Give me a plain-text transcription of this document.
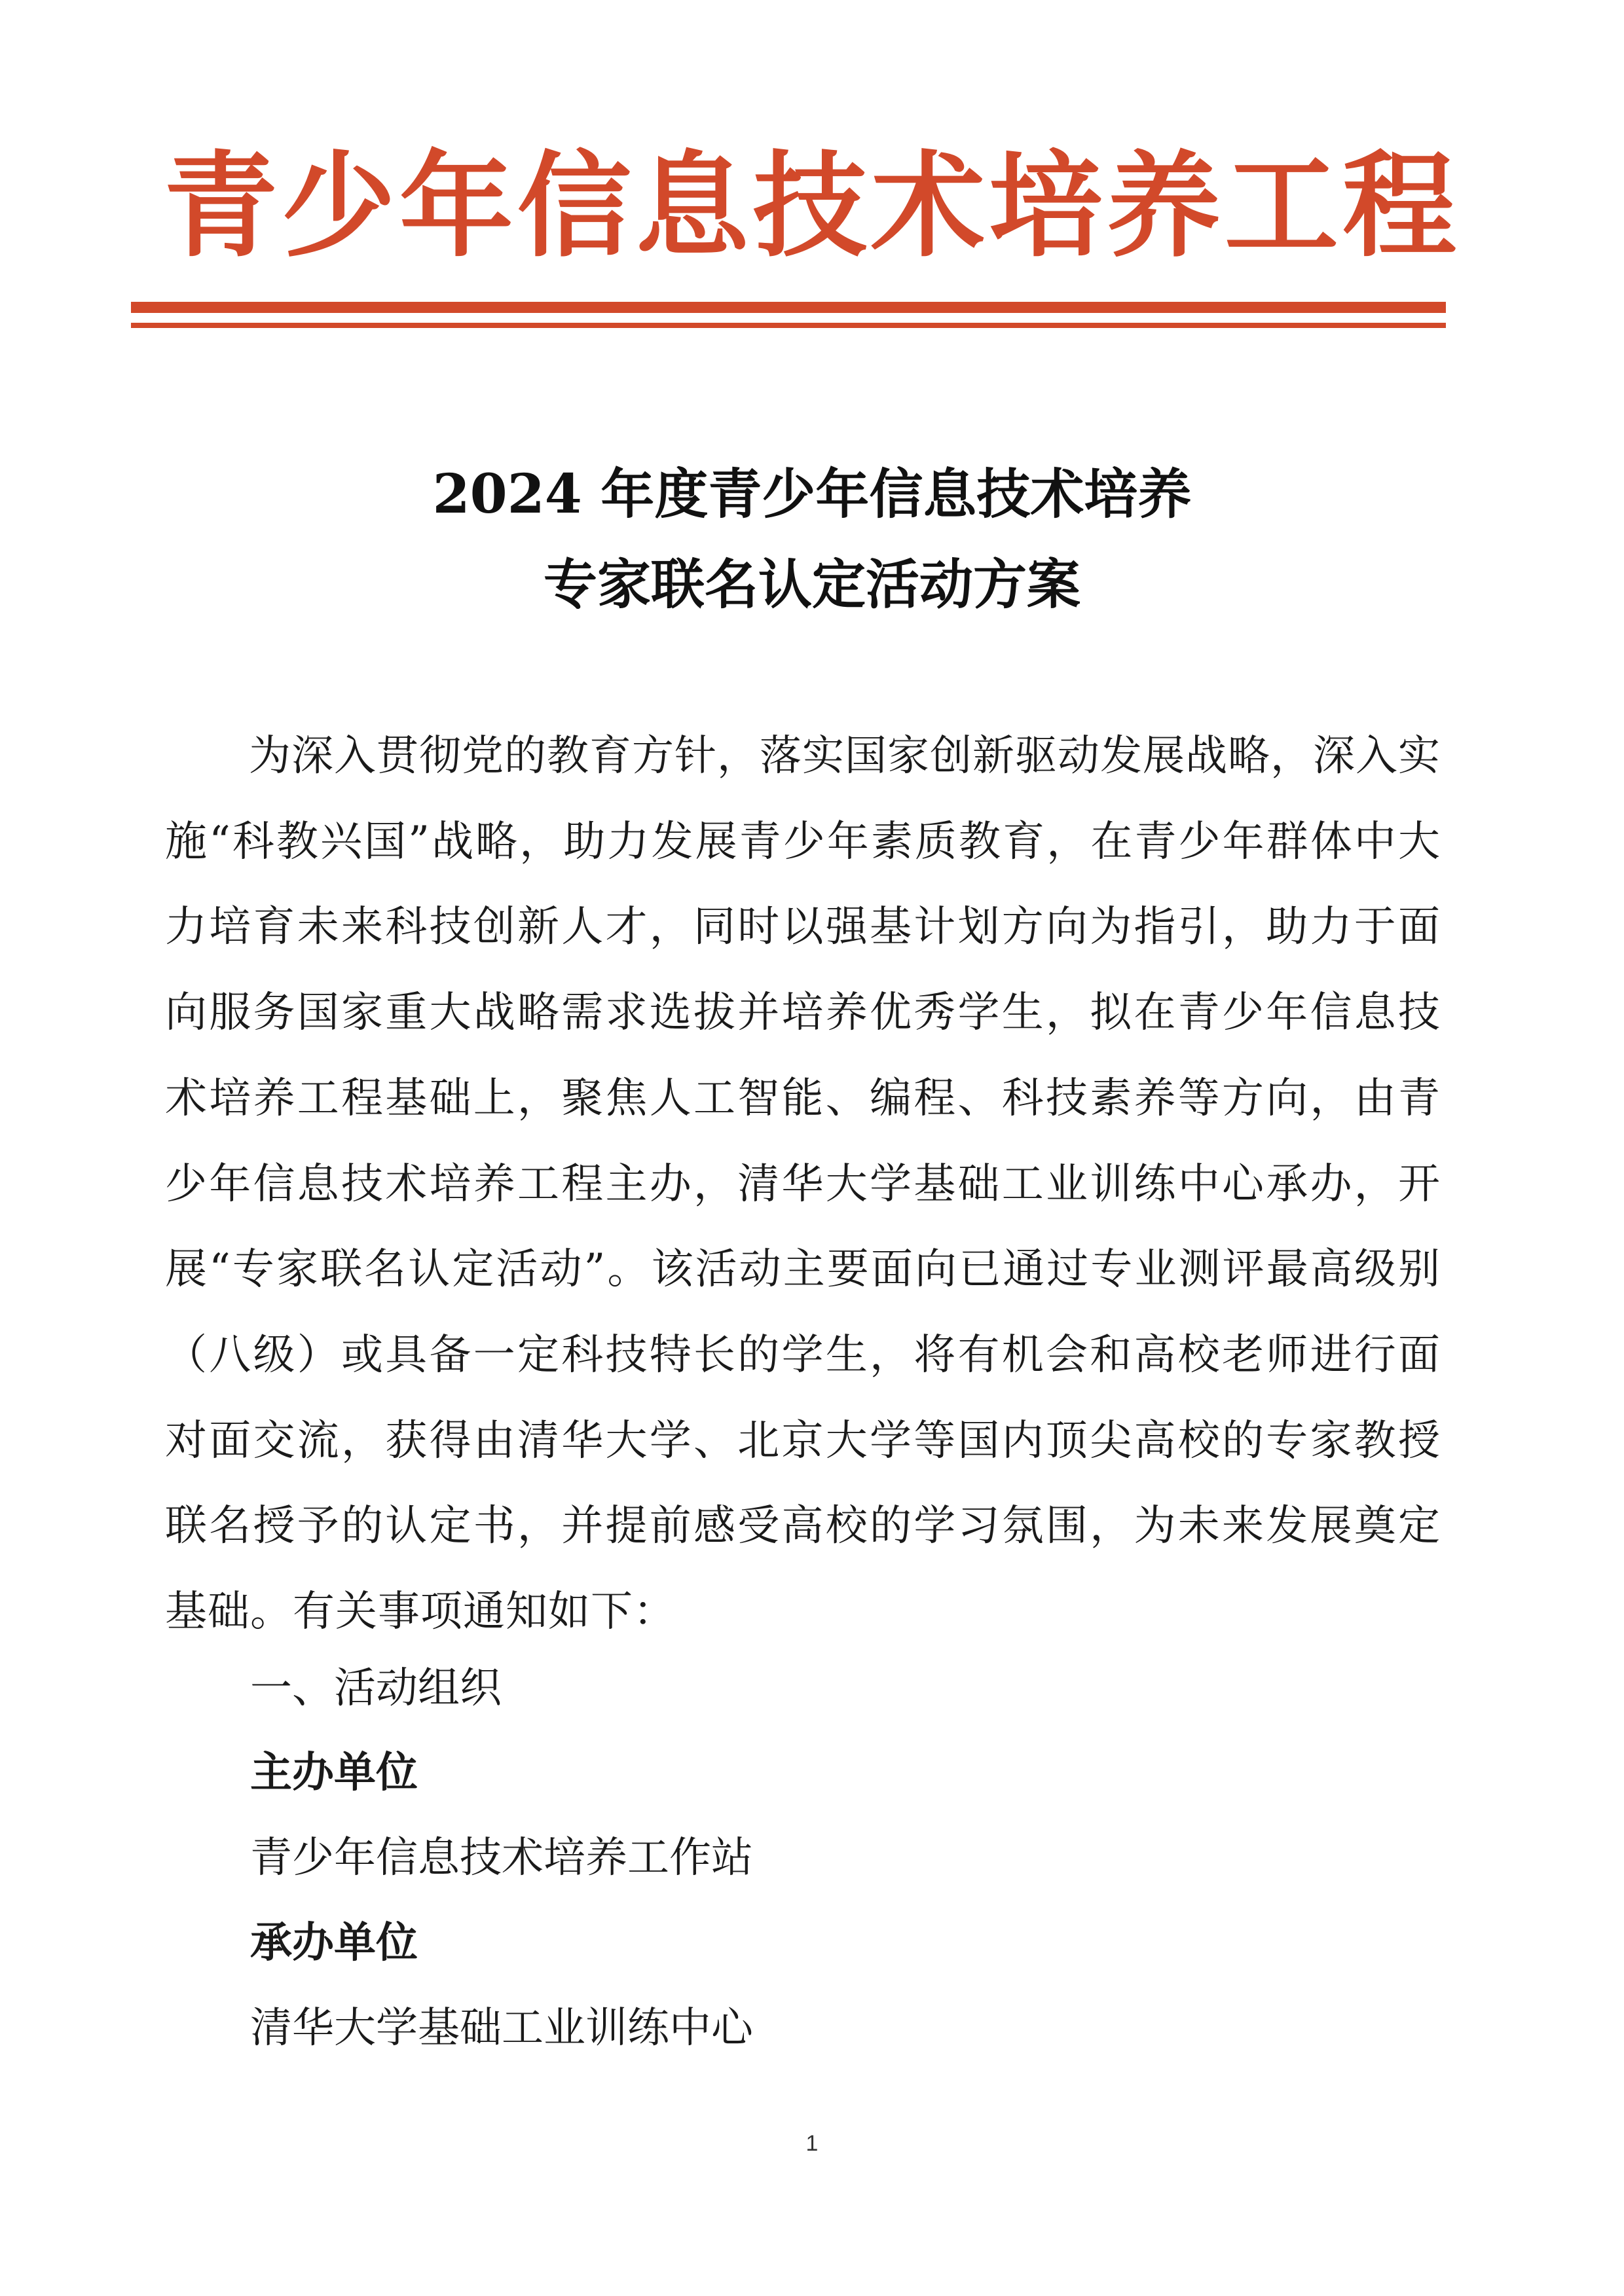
青少年信息技术培养工程
2024 年度青少年信息技术培养
专家联名认定活动方案

为深入贯彻党的教育方针，落实国家创新驱动发展战略，深入实施“科教兴国”战略，助力发展青少年素质教育，在青少年群体中大力培育未来科技创新人才，同时以强基计划方向为指引，助力于面向服务国家重大战略需求选拔并培养优秀学生，拟在青少年信息技术培养工程基础上，聚焦人工智能、编程、科技素养等方向，由青少年信息技术培养工程主办，清华大学基础工业训练中心承办，开展“专家联名认定活动”。该活动主要面向已通过专业测评最高级别（八级）或具备一定科技特长的学生，将有机会和高校老师进行面对面交流，获得由清华大学、北京大学等国内顶尖高校的专家教授联名授予的认定书，并提前感受高校的学习氛围，为未来发展奠定基础。有关事项通知如下：

一、活动组织
主办单位
青少年信息技术培养工作站
承办单位
清华大学基础工业训练中心
1
